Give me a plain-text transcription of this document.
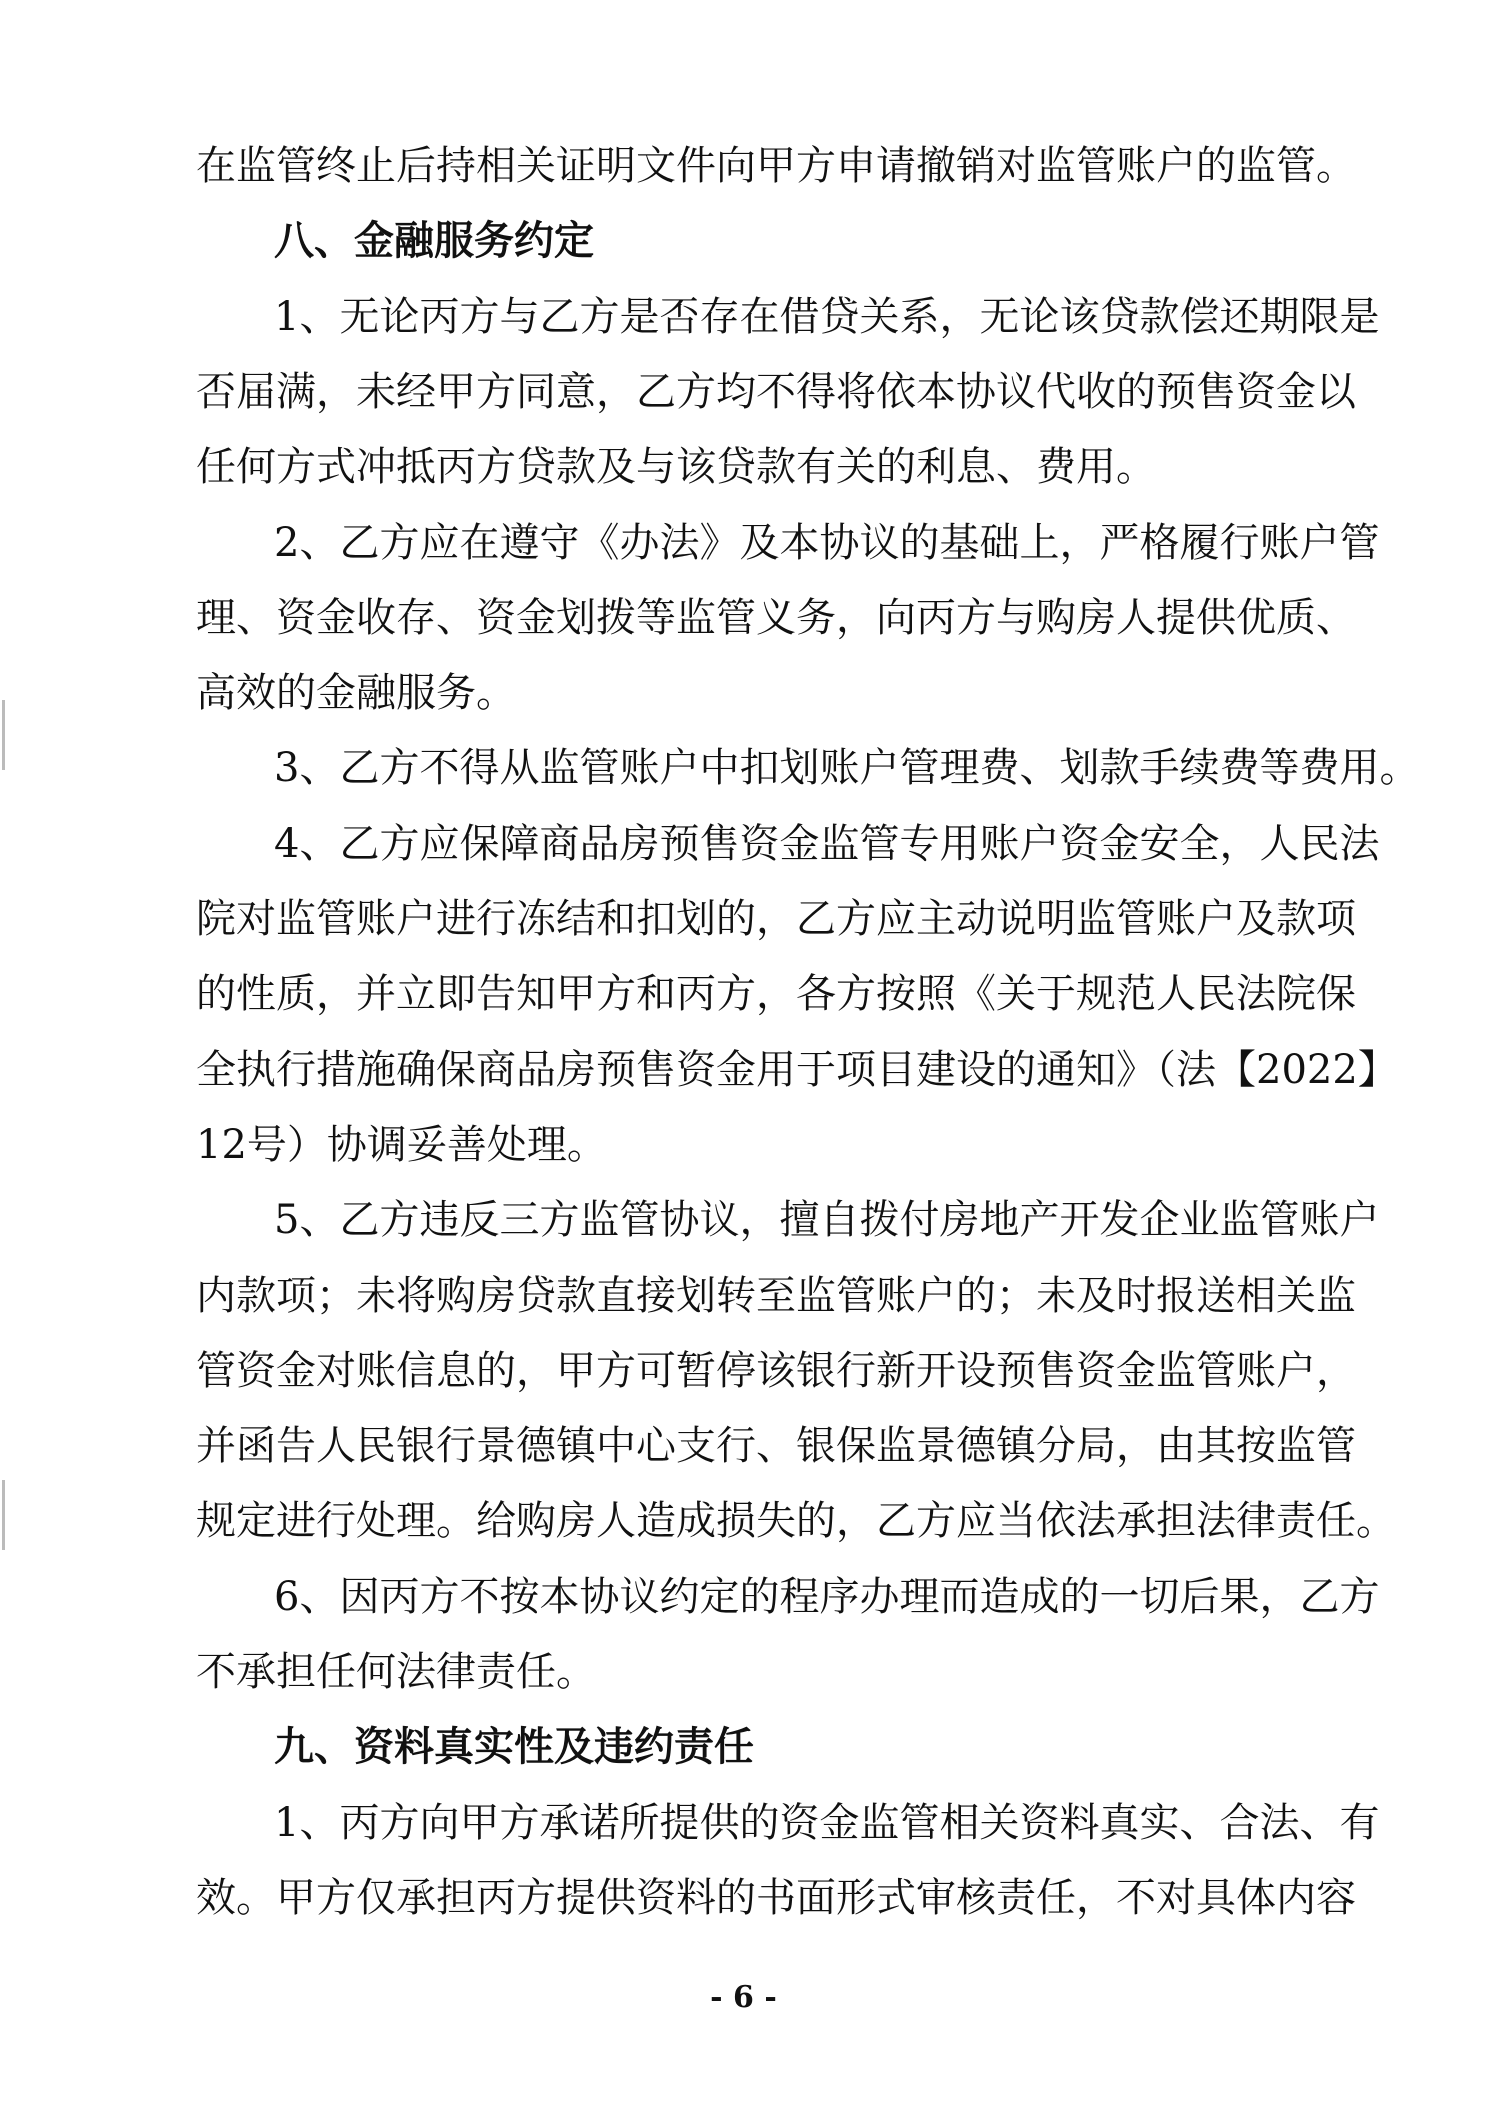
在监管终止后持相关证明文件向甲方申请撤销对监管账户的监管。
八、金融服务约定
1、无论丙方与乙方是否存在借贷关系，无论该贷款偿还期限是
否届满，未经甲方同意，乙方均不得将依本协议代收的预售资金以
任何方式冲抵丙方贷款及与该贷款有关的利息、费用。
2、乙方应在遵守《办法》及本协议的基础上，严格履行账户管
理、资金收存、资金划拨等监管义务，向丙方与购房人提供优质、
高效的金融服务。
3、乙方不得从监管账户中扣划账户管理费、划款手续费等费用。
4、乙方应保障商品房预售资金监管专用账户资金安全，人民法
院对监管账户进行冻结和扣划的，乙方应主动说明监管账户及款项
的性质，并立即告知甲方和丙方，各方按照《关于规范人民法院保
全执行措施确保商品房预售资金用于项目建设的通知》（法【2022】
12号）协调妥善处理。
5、乙方违反三方监管协议，擅自拨付房地产开发企业监管账户
内款项；未将购房贷款直接划转至监管账户的；未及时报送相关监
管资金对账信息的，甲方可暂停该银行新开设预售资金监管账户，
并函告人民银行景德镇中心支行、银保监景德镇分局，由其按监管
规定进行处理。给购房人造成损失的，乙方应当依法承担法律责任。
6、因丙方不按本协议约定的程序办理而造成的一切后果，乙方
不承担任何法律责任。
九、资料真实性及违约责任
1、丙方向甲方承诺所提供的资金监管相关资料真实、合法、有
效。甲方仅承担丙方提供资料的书面形式审核责任，不对具体内容
- 6 -
